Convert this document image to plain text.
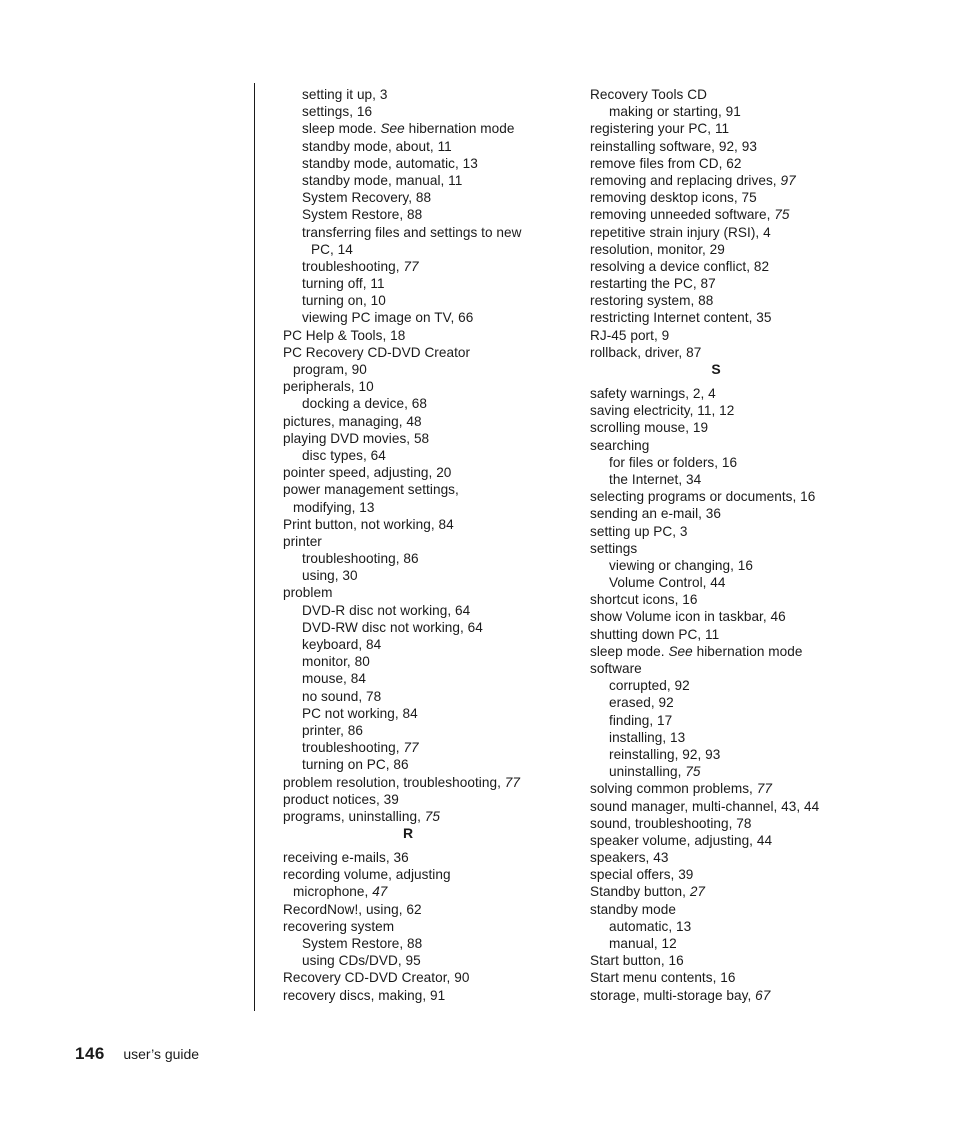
setting it up, 3
settings, 16
sleep mode. See hibernation mode
standby mode, about, 11
standby mode, automatic, 13
standby mode, manual, 11
System Recovery, 88
System Restore, 88
transferring files and settings to new
PC, 14
troubleshooting, 77
turning off, 11
turning on, 10
viewing PC image on TV, 66
PC Help & Tools, 18
PC Recovery CD-DVD Creator
program, 90
peripherals, 10
docking a device, 68
pictures, managing, 48
playing DVD movies, 58
disc types, 64
pointer speed, adjusting, 20
power management settings,
modifying, 13
Print button, not working, 84
printer
troubleshooting, 86
using, 30
problem
DVD-R disc not working, 64
DVD-RW disc not working, 64
keyboard, 84
monitor, 80
mouse, 84
no sound, 78
PC not working, 84
printer, 86
troubleshooting, 77
turning on PC, 86
problem resolution, troubleshooting, 77
product notices, 39
programs, uninstalling, 75
R
receiving e-mails, 36
recording volume, adjusting
microphone, 47
RecordNow!, using, 62
recovering system
System Restore, 88
using CDs/DVD, 95
Recovery CD-DVD Creator, 90
recovery discs, making, 91
Recovery Tools CD
making or starting, 91
registering your PC, 11
reinstalling software, 92, 93
remove files from CD, 62
removing and replacing drives, 97
removing desktop icons, 75
removing unneeded software, 75
repetitive strain injury (RSI), 4
resolution, monitor, 29
resolving a device conflict, 82
restarting the PC, 87
restoring system, 88
restricting Internet content, 35
RJ-45 port, 9
rollback, driver, 87
S
safety warnings, 2, 4
saving electricity, 11, 12
scrolling mouse, 19
searching
for files or folders, 16
the Internet, 34
selecting programs or documents, 16
sending an e-mail, 36
setting up PC, 3
settings
viewing or changing, 16
Volume Control, 44
shortcut icons, 16
show Volume icon in taskbar, 46
shutting down PC, 11
sleep mode. See hibernation mode
software
corrupted, 92
erased, 92
finding, 17
installing, 13
reinstalling, 92, 93
uninstalling, 75
solving common problems, 77
sound manager, multi-channel, 43, 44
sound, troubleshooting, 78
speaker volume, adjusting, 44
speakers, 43
special offers, 39
Standby button, 27
standby mode
automatic, 13
manual, 12
Start button, 16
Start menu contents, 16
storage, multi-storage bay, 67
146 user’s guide
